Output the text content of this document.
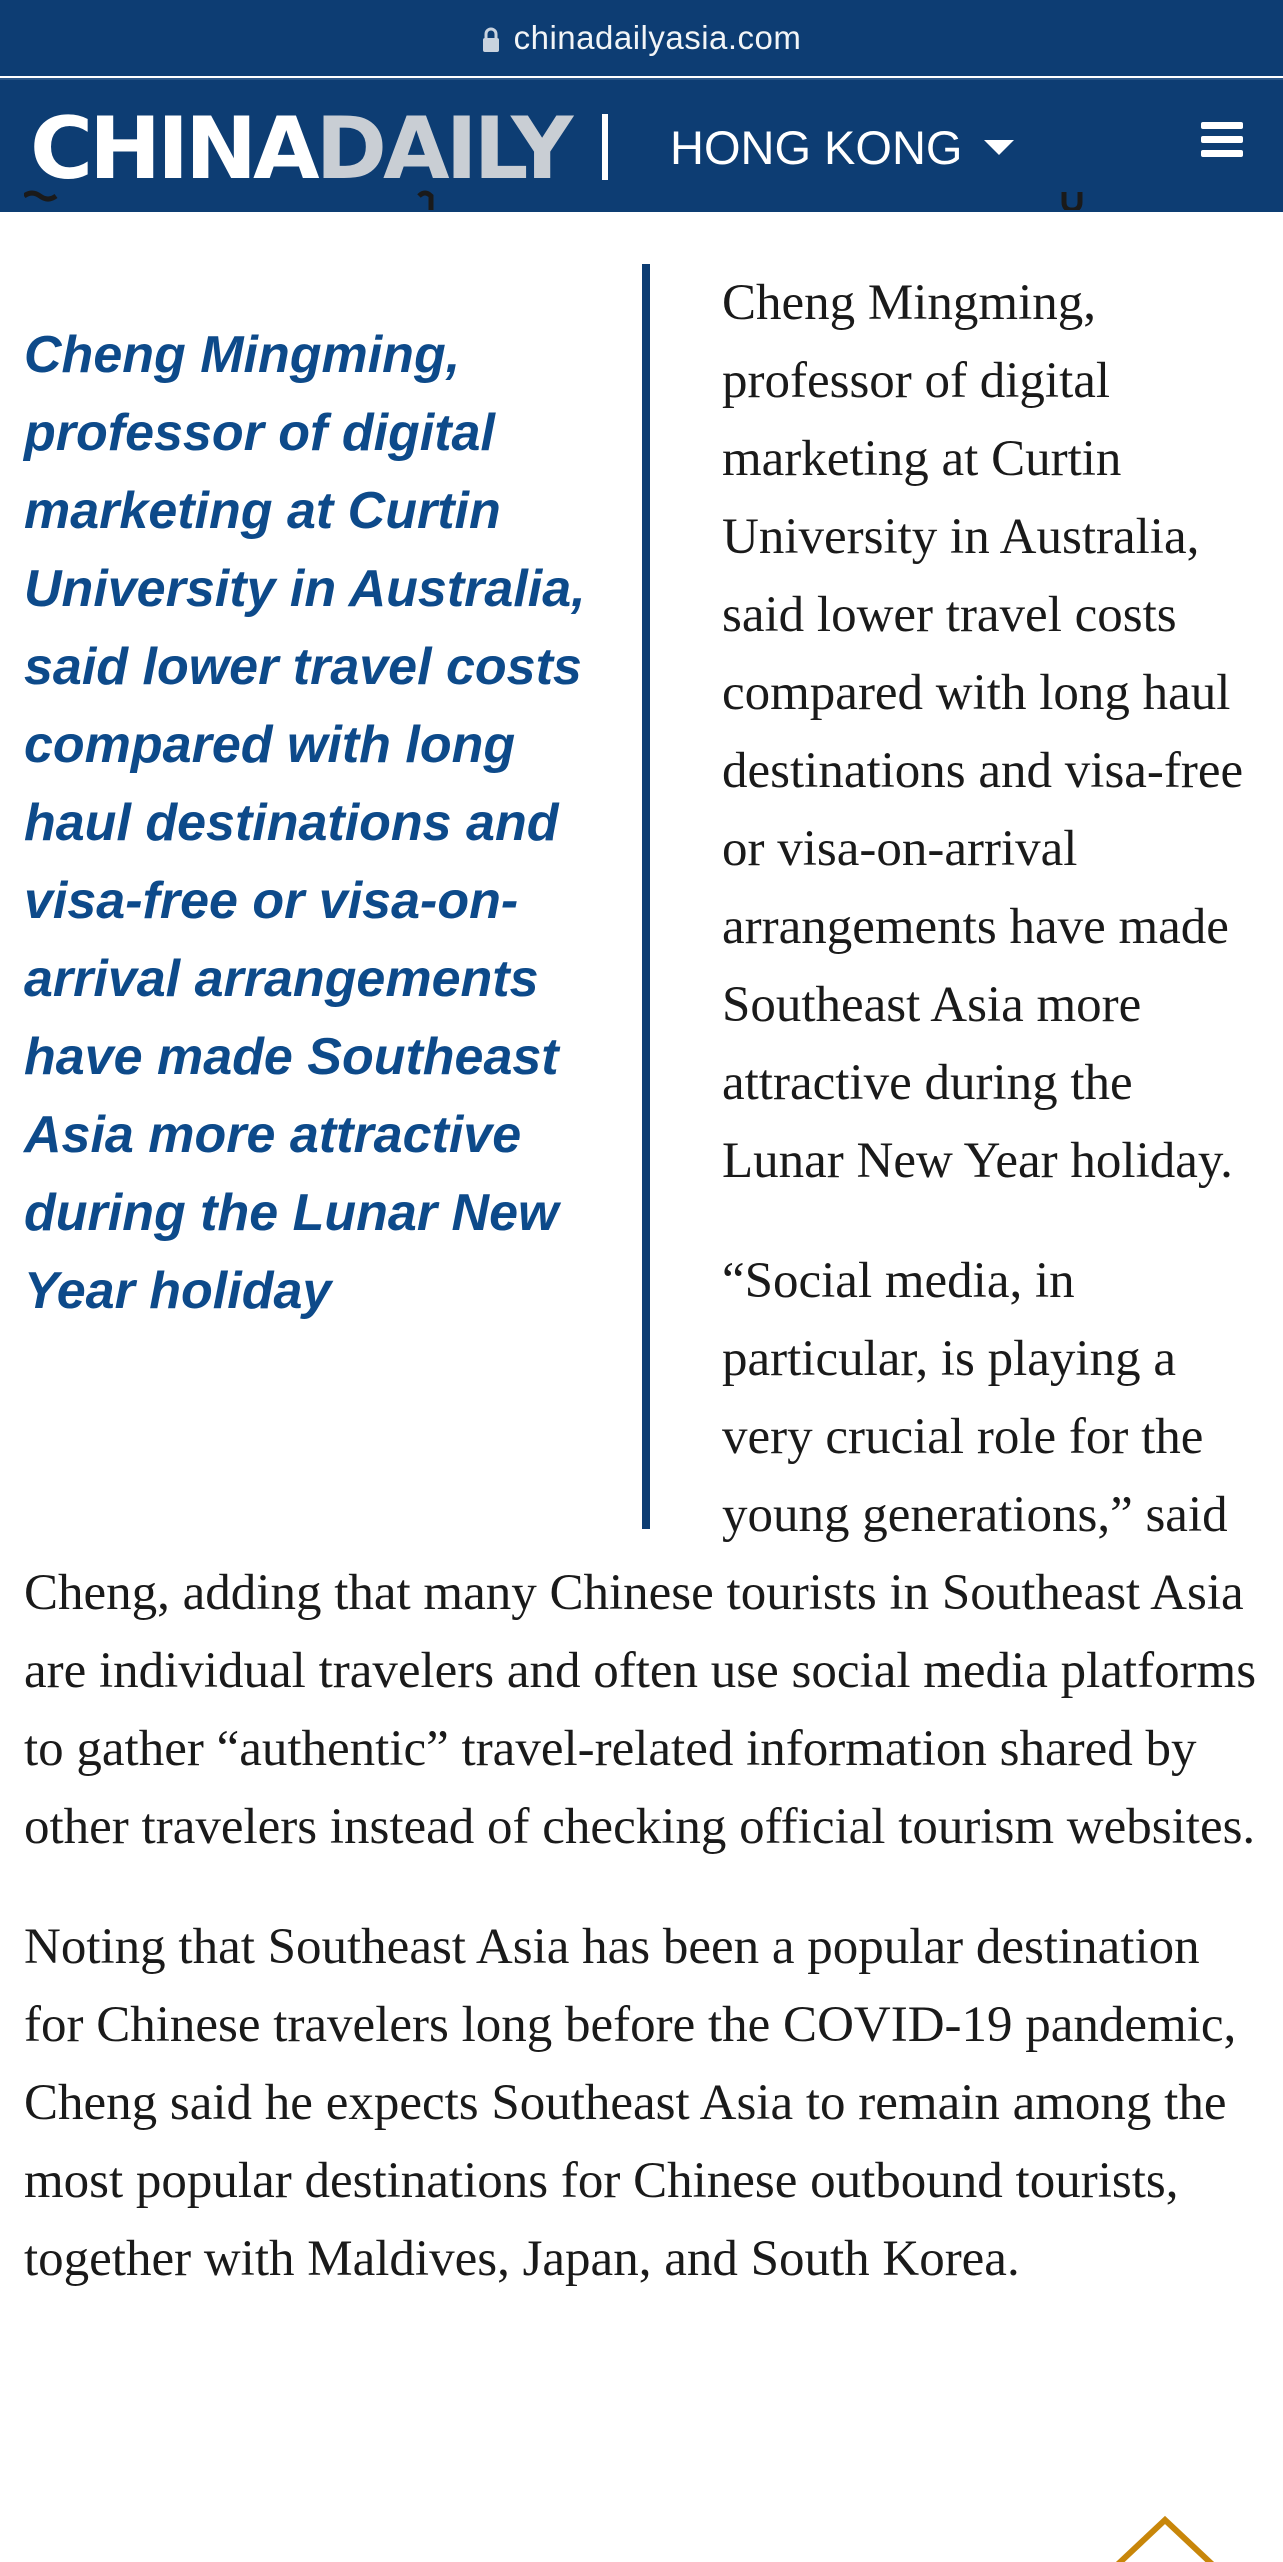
chinadailyasia.com
CHINADAILY HONG KONG

Cheng Mingming, professor of digital marketing at Curtin University in Australia, said lower travel costs compared with long haul destinations and visa-free or visa-on-arrival arrangements have made Southeast Asia more attractive during the Lunar New Year holiday

Cheng Mingming, professor of digital marketing at Curtin University in Australia, said lower travel costs compared with long haul destinations and visa-free or visa-on-arrival arrangements have made Southeast Asia more attractive during the Lunar New Year holiday.

“Social media, in particular, is playing a very crucial role for the young generations,” said Cheng, adding that many Chinese tourists in Southeast Asia are individual travelers and often use social media platforms to gather “authentic” travel-related information shared by other travelers instead of checking official tourism websites.

Noting that Southeast Asia has been a popular destination for Chinese travelers long before the COVID-19 pandemic, Cheng said he expects Southeast Asia to remain among the most popular destinations for Chinese outbound tourists, together with Maldives, Japan, and South Korea.
